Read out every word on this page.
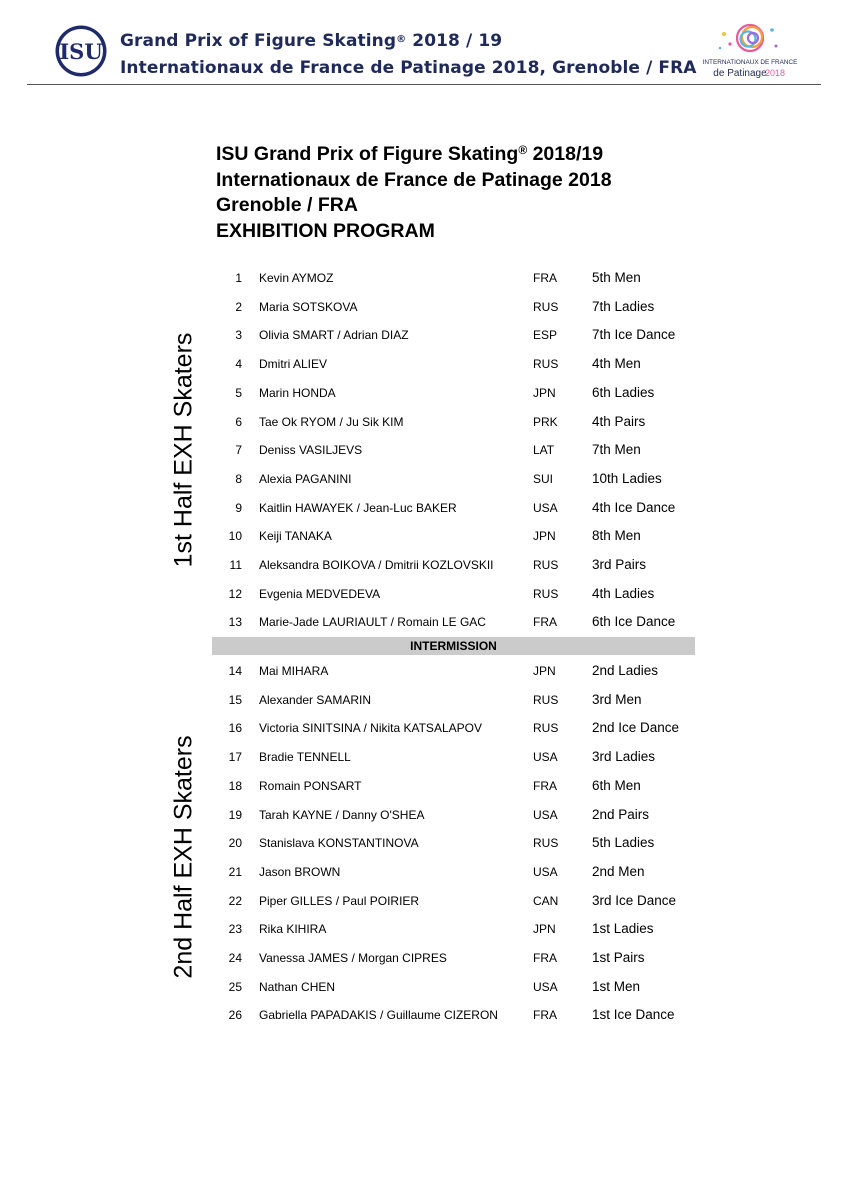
ISU Grand Prix of Figure Skating® 2018 / 19
Internationaux de France de Patinage 2018, Grenoble / FRA INTERNATIONAUX DE FRANCE
de Patinage
2018
ISU Grand Prix of Figure Skating® 2018/19
Internationaux de France de Patinage 2018
Grenoble / FRA
EXHIBITION PROGRAM
1st Half EXH Skaters
2nd Half EXH Skaters
1 Kevin AYMOZ	FRA	5th Men
2 Maria SOTSKOVA	RUS 7th Ladies
3 Olivia SMART / Adrian DIAZ	ESP	7th Ice Dance
4 Dmitri ALIEV	RUS 4th Men
5 Marin HONDA	JPN	6th Ladies
6 Tae Ok RYOM / Ju Sik KIM	PRK	4th Pairs
7 Deniss VASILJEVS	LAT	7th Men
8 Alexia PAGANINI	SUI	10th Ladies
9 Kaitlin HAWAYEK / Jean-Luc BAKER	USA	4th Ice Dance
10 Keiji TANAKA	JPN	8th Men
11 Aleksandra BOIKOVA / Dmitrii KOZLOVSKII	RUS 3rd Pairs
12 Evgenia MEDVEDEVA	RUS 4th Ladies
13 Marie-Jade LAURIAULT / Romain LE GAC	FRA	6th Ice Dance
14 Mai MIHARA	JPN	2nd Ladies
15 Alexander SAMARIN	RUS 3rd Men
16 Victoria SINITSINA / Nikita KATSALAPOV	RUS 2nd Ice Dance
17 Bradie TENNELL	USA	3rd Ladies
18 Romain PONSART	FRA	6th Men
19 Tarah KAYNE / Danny O'SHEA	USA	2nd Pairs
20 Stanislava KONSTANTINOVA	RUS 5th Ladies
21 Jason BROWN	USA	2nd Men
22 Piper GILLES / Paul POIRIER	CAN 3rd Ice Dance
23 Rika KIHIRA	JPN	1st Ladies
24 Vanessa JAMES / Morgan CIPRES	FRA	1st Pairs
25 Nathan CHEN	USA	1st Men
26 Gabriella PAPADAKIS / Guillaume CIZERON	FRA	1st Ice Dance
INTERMISSION
